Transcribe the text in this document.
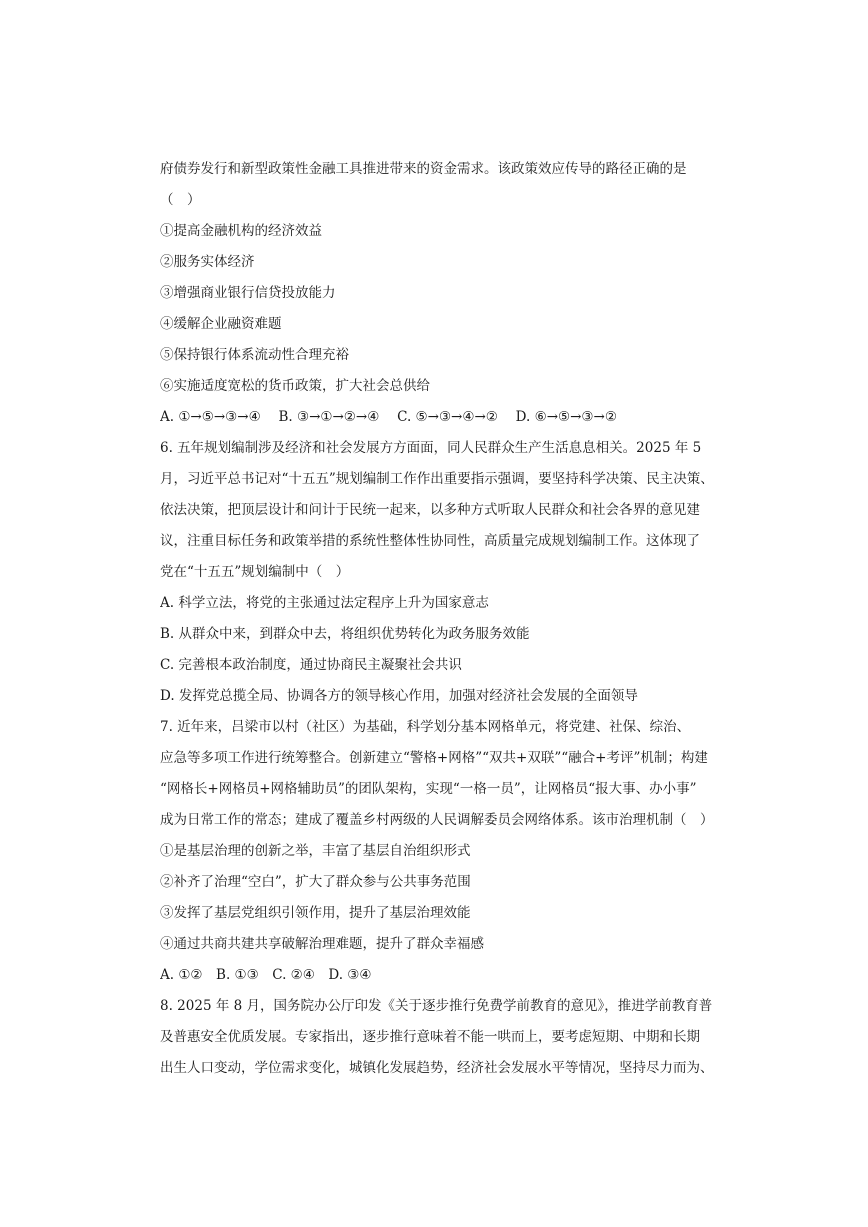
府债券发行和新型政策性金融工具推进带来的资金需求。该政策效应传导的路径正确的是
（　）
①提高金融机构的经济效益
②服务实体经济
③增强商业银行信贷投放能力
④缓解企业融资难题
⑤保持银行体系流动性合理充裕
⑥实施适度宽松的货币政策，扩大社会总供给
A. ①→⑤→③→④　 B. ③→①→②→④　 C. ⑤→③→④→②　 D. ⑥→⑤→③→②
6. 五年规划编制涉及经济和社会发展方方面面，同人民群众生产生活息息相关。2025 年 5
月，习近平总书记对“十五五”规划编制工作作出重要指示强调，要坚持科学决策、民主决策、
依法决策，把顶层设计和问计于民统一起来，以多种方式听取人民群众和社会各界的意见建
议，注重目标任务和政策举措的系统性整体性协同性，高质量完成规划编制工作。这体现了
党在“十五五”规划编制中（　）
A. 科学立法，将党的主张通过法定程序上升为国家意志
B. 从群众中来，到群众中去，将组织优势转化为政务服务效能
C. 完善根本政治制度，通过协商民主凝聚社会共识
D. 发挥党总揽全局、协调各方的领导核心作用，加强对经济社会发展的全面领导
7. 近年来，吕梁市以村（社区）为基础，科学划分基本网格单元，将党建、社保、综治、
应急等多项工作进行统筹整合。创新建立“警格+网格”“双共+双联”“融合+考评”机制；构建
“网格长+网格员+网格辅助员”的团队架构，实现“一格一员”，让网格员“报大事、办小事”
成为日常工作的常态；建成了覆盖乡村两级的人民调解委员会网络体系。该市治理机制（　）
①是基层治理的创新之举，丰富了基层自治组织形式
②补齐了治理“空白”，扩大了群众参与公共事务范围
③发挥了基层党组织引领作用，提升了基层治理效能
④通过共商共建共享破解治理难题，提升了群众幸福感
A. ①②　B. ①③　C. ②④　D. ③④
8. 2025 年 8 月，国务院办公厅印发《关于逐步推行免费学前教育的意见》，推进学前教育普
及普惠安全优质发展。专家指出，逐步推行意味着不能一哄而上，要考虑短期、中期和长期
出生人口变动，学位需求变化，城镇化发展趋势，经济社会发展水平等情况，坚持尽力而为、
